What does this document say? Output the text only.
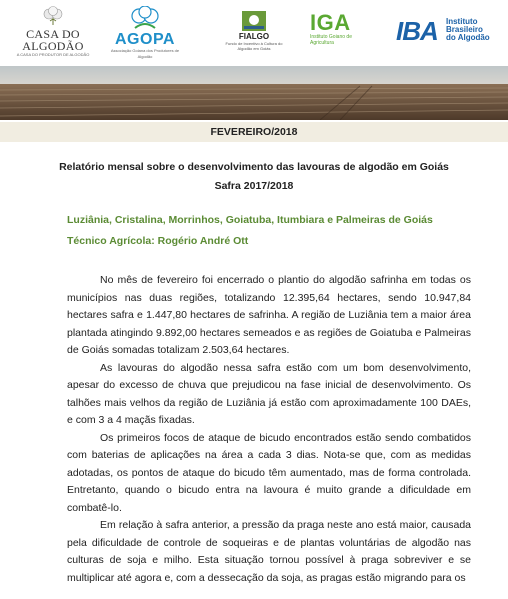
CASA DO
ALGODÃO
A CASA DO PRODUTOR DE ALGODÃO
AGOPA
Associação Goiana dos Produtores de Algodão
FIALGO
Fundo de Incentivo à Cultura do Algodão em Goiás
IGA
Instituto Goiano de Agricultura	IBA Instituto
Brasileiro
do Algodão
FEVEREIRO/2018
Relatório mensal sobre o desenvolvimento das lavouras de algodão em Goiás
Safra 2017/2018
Luziânia, Cristalina, Morrinhos, Goiatuba, Itumbiara e Palmeiras de Goiás
Técnico Agrícola: Rogério André Ott

No mês de fevereiro foi encerrado o plantio do algodão safrinha em todas os municípios nas duas regiões, totalizando 12.395,64 hectares, sendo 10.947,84 hectares safra e 1.447,80 hectares de safrinha. A região de Luziânia tem a maior área plantada atingindo 9.892,00 hectares semeados e as regiões de Goiatuba e Palmeiras de Goiás somadas totalizam 2.503,64 hectares.

As lavouras do algodão nessa safra estão com um bom desenvolvimento, apesar do excesso de chuva que prejudicou na fase inicial de desenvolvimento. Os talhões mais velhos da região de Luziânia já estão com aproximadamente 100 DAEs, e com 3 a 4 maçãs fixadas.

Os primeiros focos de ataque de bicudo encontrados estão sendo combatidos com baterias de aplicações na área a cada 3 dias. Nota-se que, com as medidas adotadas, os pontos de ataque do bicudo têm aumentado, mas de forma controlada. Entretanto, quando o bicudo entra na lavoura é muito grande a dificuldade em combatê-lo.

Em relação à safra anterior, a pressão da praga neste ano está maior, causada pela dificuldade de controle de soqueiras e de plantas voluntárias de algodão nas culturas de soja e milho. Esta situação tornou possível à praga sobreviver e se multiplicar até agora e, com a dessecação da soja, as pragas estão migrando para os
